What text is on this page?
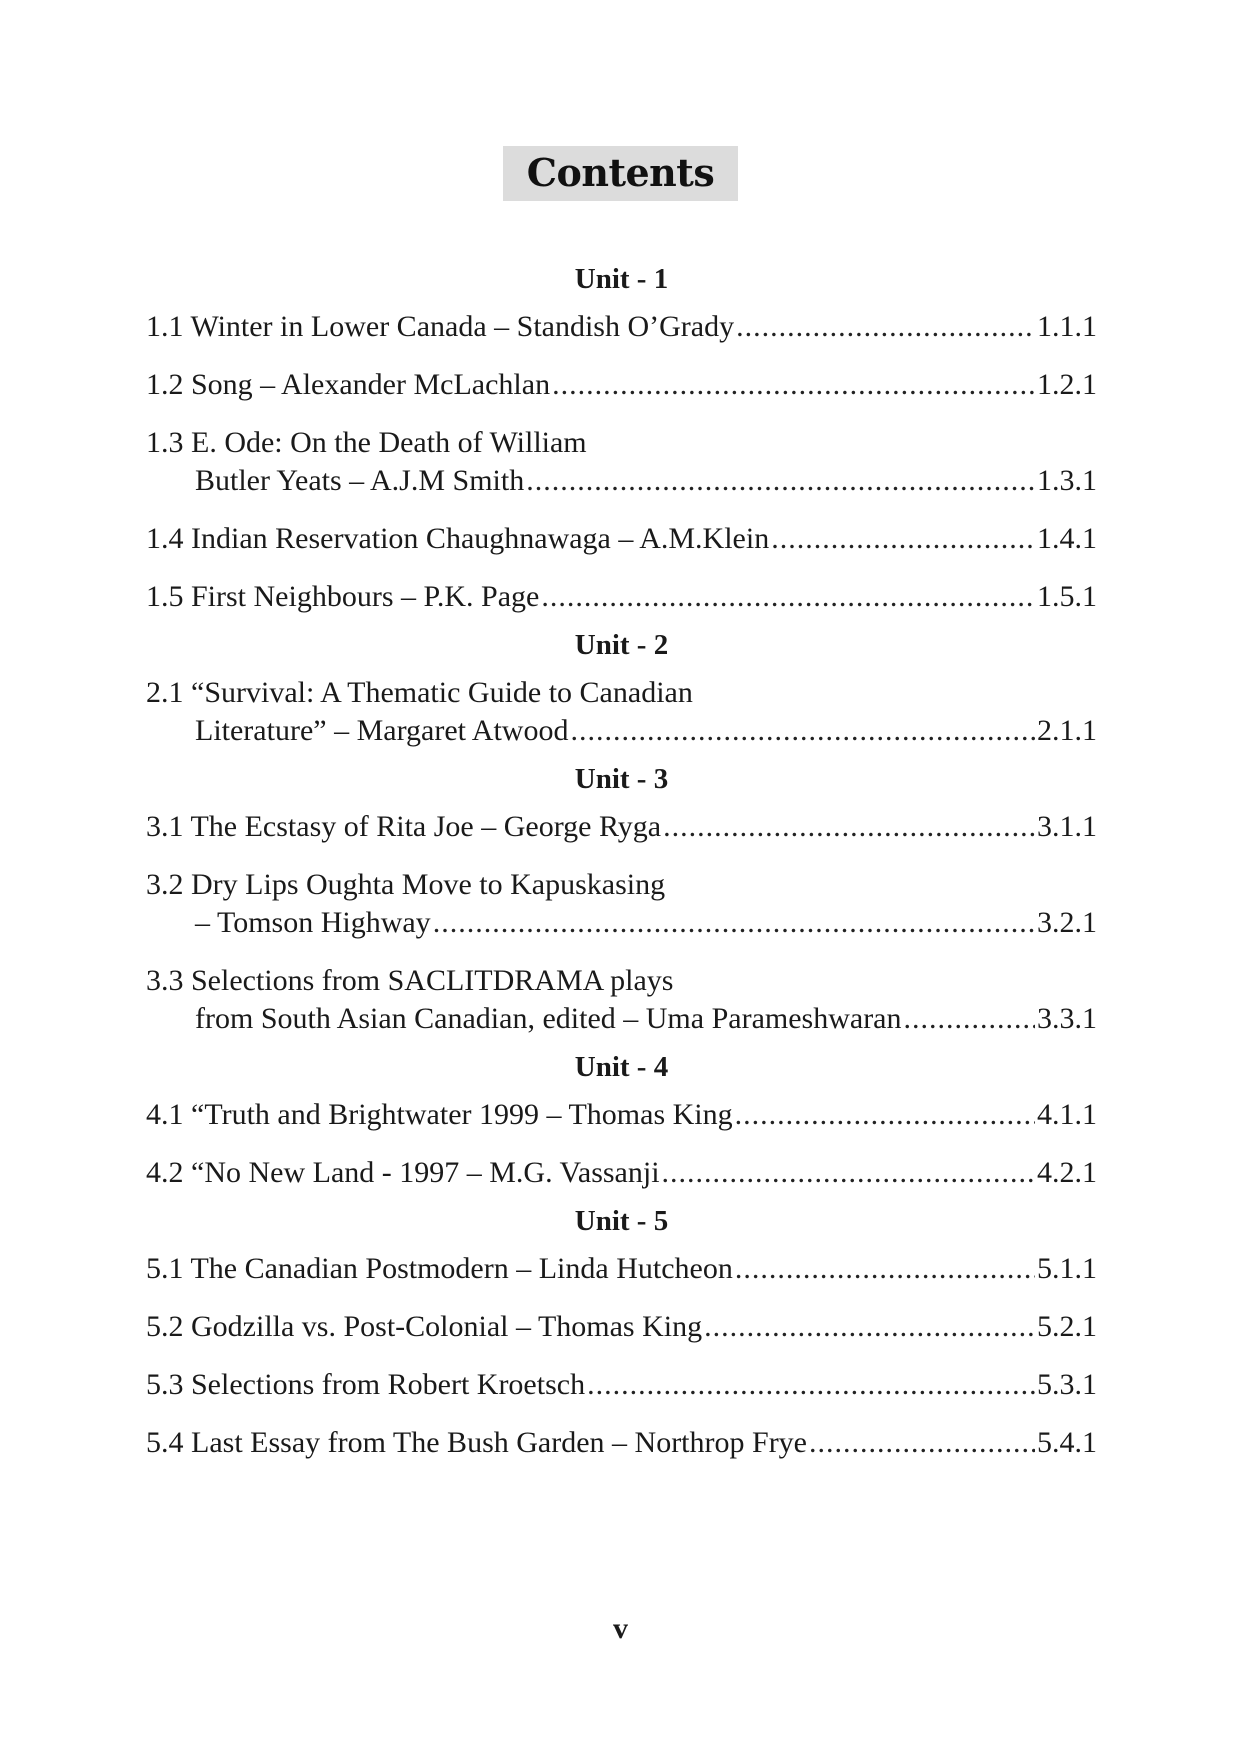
Contents
Unit - 1
1.1 Winter in Lower Canada – Standish O’Grady .....	1.1.1
1.2 Song – Alexander McLachlan .....	1.2.1
1.3 E. Ode: On the Death of William
Butler Yeats – A.J.M Smith .....	1.3.1
1.4 Indian Reservation Chaughnawaga – A.M.Klein .....	1.4.1
1.5 First Neighbours – P.K. Page .....	1.5.1
Unit - 2
2.1 “Survival: A Thematic Guide to Canadian
Literature” – Margaret Atwood .....	2.1.1
Unit - 3
3.1 The Ecstasy of Rita Joe – George Ryga .....	3.1.1
3.2 Dry Lips Oughta Move to Kapuskasing
– Tomson Highway .....	3.2.1
3.3 Selections from SACLITDRAMA plays
from South Asian Canadian, edited – Uma Parameshwaran .....	3.3.1
Unit - 4
4.1 “Truth and Brightwater 1999 – Thomas King .....	4.1.1
4.2 “No New Land - 1997 – M.G. Vassanji .....	4.2.1
Unit - 5
5.1 The Canadian Postmodern – Linda Hutcheon .....	5.1.1
5.2 Godzilla vs. Post-Colonial – Thomas King .....	5.2.1
5.3 Selections from Robert Kroetsch .....	5.3.1
5.4 Last Essay from The Bush Garden – Northrop Frye .....	5.4.1
v
